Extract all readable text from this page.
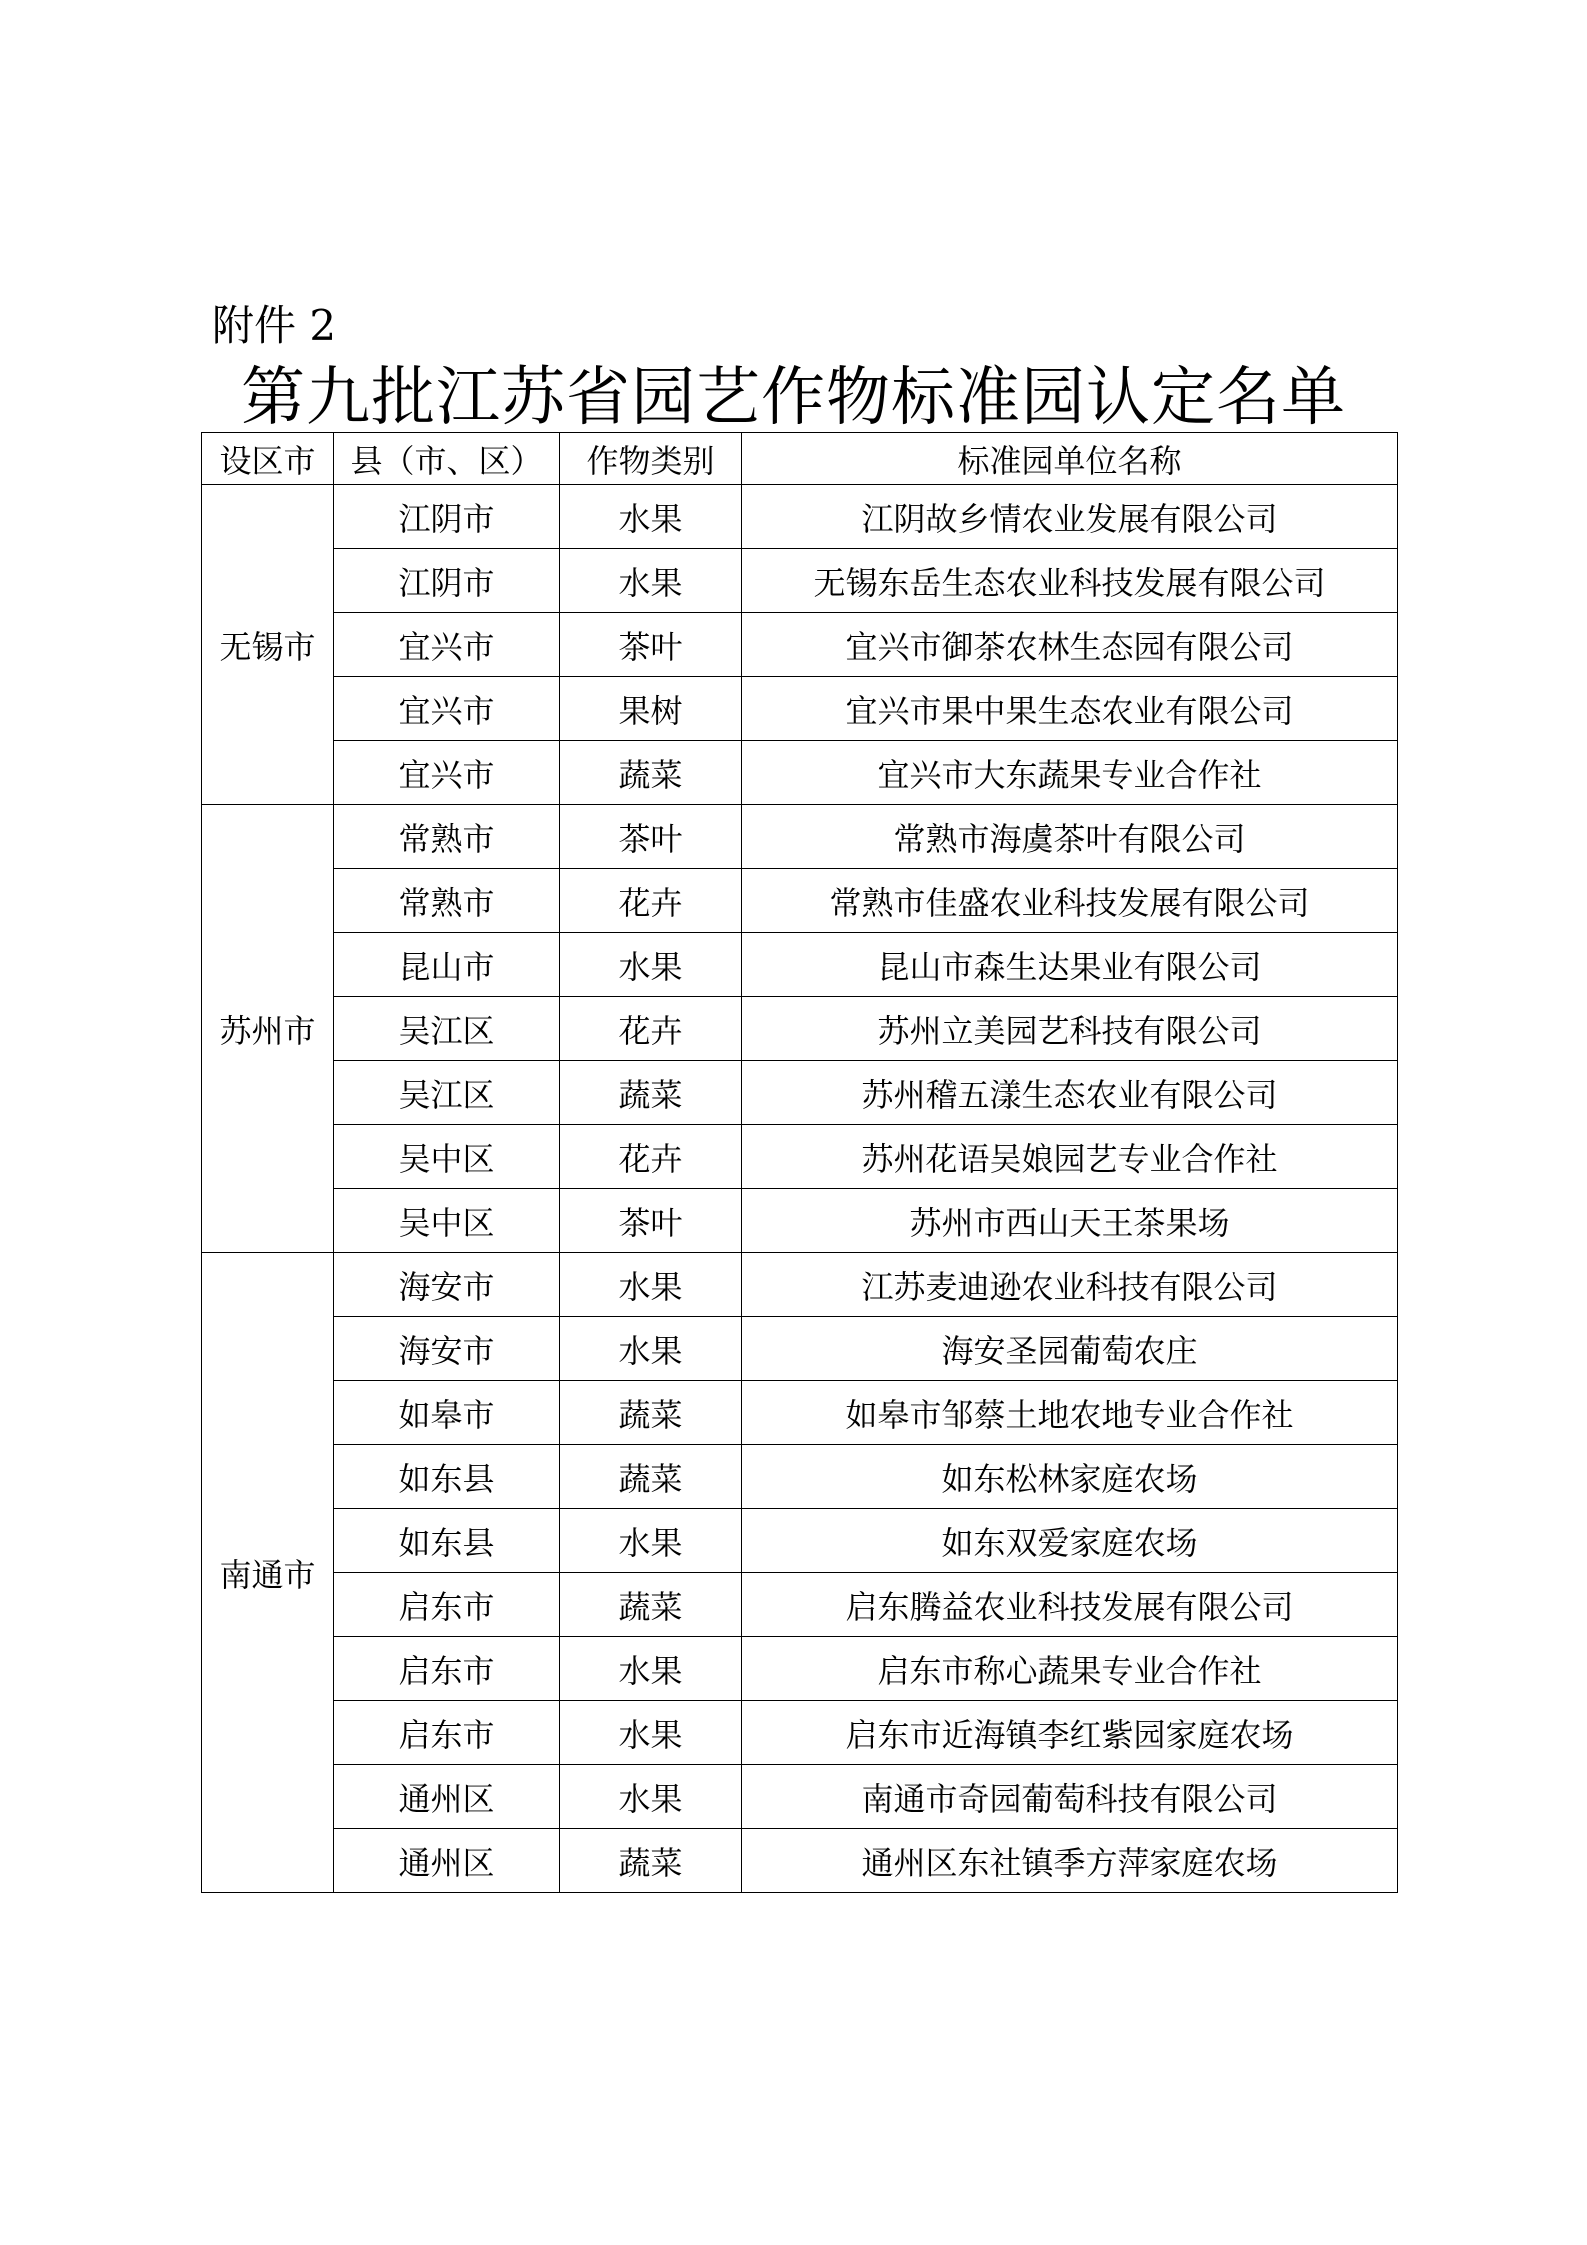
附件 2
第九批江苏省园艺作物标准园认定名单
设区市	县（市、区）	作物类别	标准园单位名称
无锡市	江阴市	水果	江阴故乡情农业发展有限公司
	江阴市	水果	无锡东岳生态农业科技发展有限公司
	宜兴市	茶叶	宜兴市御茶农林生态园有限公司
	宜兴市	果树	宜兴市果中果生态农业有限公司
	宜兴市	蔬菜	宜兴市大东蔬果专业合作社
苏州市	常熟市	茶叶	常熟市海虞茶叶有限公司
	常熟市	花卉	常熟市佳盛农业科技发展有限公司
	昆山市	水果	昆山市森生达果业有限公司
	吴江区	花卉	苏州立美园艺科技有限公司
	吴江区	蔬菜	苏州稽五漾生态农业有限公司
	吴中区	花卉	苏州花语吴娘园艺专业合作社
	吴中区	茶叶	苏州市西山天王茶果场
南通市	海安市	水果	江苏麦迪逊农业科技有限公司
	海安市	水果	海安圣园葡萄农庄
	如皋市	蔬菜	如皋市邹蔡土地农地专业合作社
	如东县	蔬菜	如东松林家庭农场
	如东县	水果	如东双爱家庭农场
	启东市	蔬菜	启东腾益农业科技发展有限公司
	启东市	水果	启东市称心蔬果专业合作社
	启东市	水果	启东市近海镇李红紫园家庭农场
	通州区	水果	南通市奇园葡萄科技有限公司
	通州区	蔬菜	通州区东社镇季方萍家庭农场
